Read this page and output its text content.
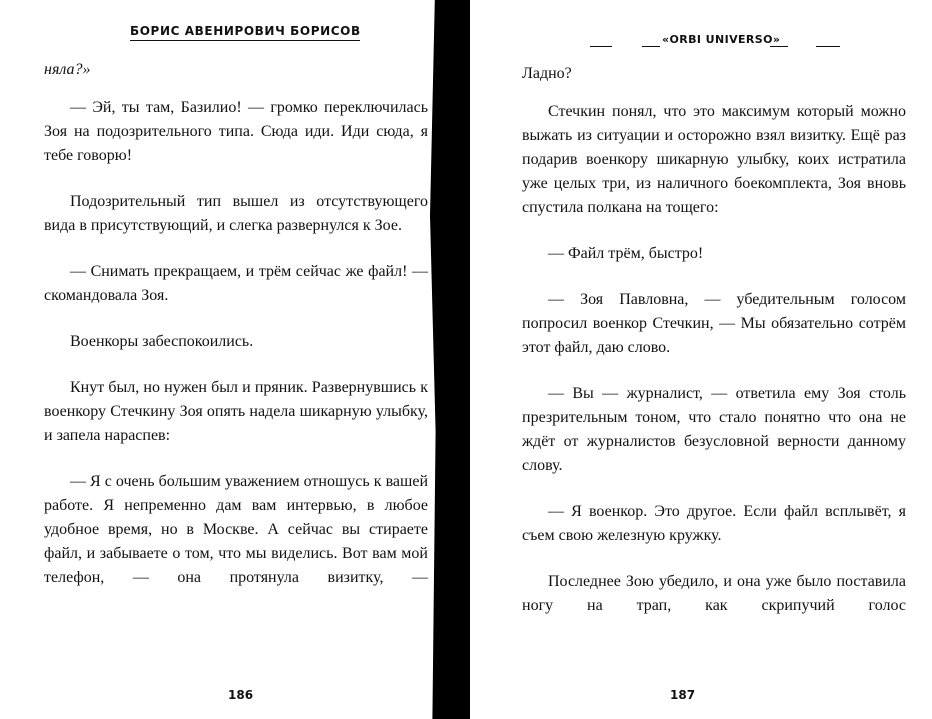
БОРИС АВЕНИРОВИЧ БОРИСОВ

няла?»

— Эй, ты там, Базилио! — громко переключилась Зоя на подозрительного типа. Сюда иди. Иди сюда, я тебе говорю!

Подозрительный тип вышел из отсутствующего вида в присутствующий, и слегка развернулся к Зое.

— Снимать прекращаем, и трём сейчас же файл! — скомандовала Зоя.

Военкоры забеспокоились.

Кнут был, но нужен был и пряник. Развернувшись к военкору Стечкину Зоя опять надела шикарную улыбку, и запела нараспев:

— Я с очень большим уважением отношусь к вашей работе. Я непременно дам вам интервью, в любое удобное время, но в Москве. А сейчас вы стираете файл, и забываете о том, что мы виделись. Вот вам мой телефон, — она протянула визитку, —

186
«ORBI UNIVERSO»

Ладно?

Стечкин понял, что это максимум который можно выжать из ситуации и осторожно взял визитку. Ещё раз подарив военкору шикарную улыбку, коих истратила уже целых три, из наличного боекомплекта, Зоя вновь спустила полкана на тощего:

— Файл трём, быстро!

— Зоя Павловна, — убедительным голосом попросил военкор Стечкин, — Мы обязательно сотрём этот файл, даю слово.

— Вы — журналист, — ответила ему Зоя столь презрительным тоном, что стало понятно что она не ждёт от журналистов безусловной верности данному слову.

— Я военкор. Это другое. Если файл всплывёт, я съем свою железную кружку.

Последнее Зою убедило, и она уже было поставила ногу на трап, как скрипучий голос

187
